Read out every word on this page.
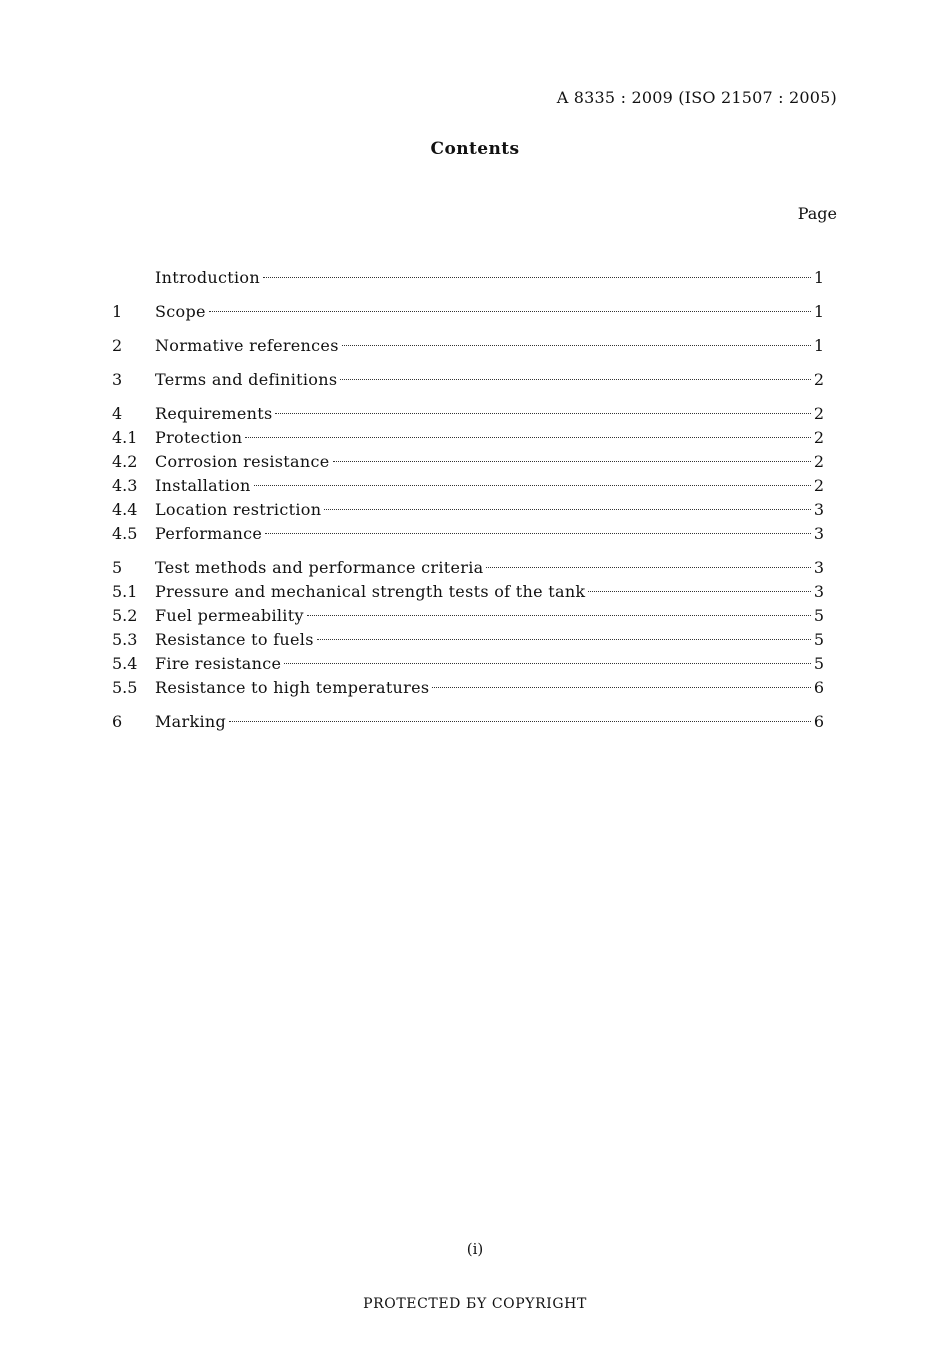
A 8335 : 2009 (ISO 21507 : 2005)
Contents
Page
Introduction	1
1	Scope	1
2	Normative references	1
3	Terms and definitions	2
4	Requirements	2
4.1	Protection	2
4.2	Corrosion resistance	2
4.3	Installation	2
4.4	Location restriction	3
4.5	Performance	3
5	Test methods and performance criteria	3
5.1	Pressure and mechanical strength tests of the tank	3
5.2	Fuel permeability	5
5.3	Resistance to fuels	5
5.4	Fire resistance	5
5.5	Resistance to high temperatures	6
6	Marking	6
(i)
PROTECTED БY COPYRIGHT
